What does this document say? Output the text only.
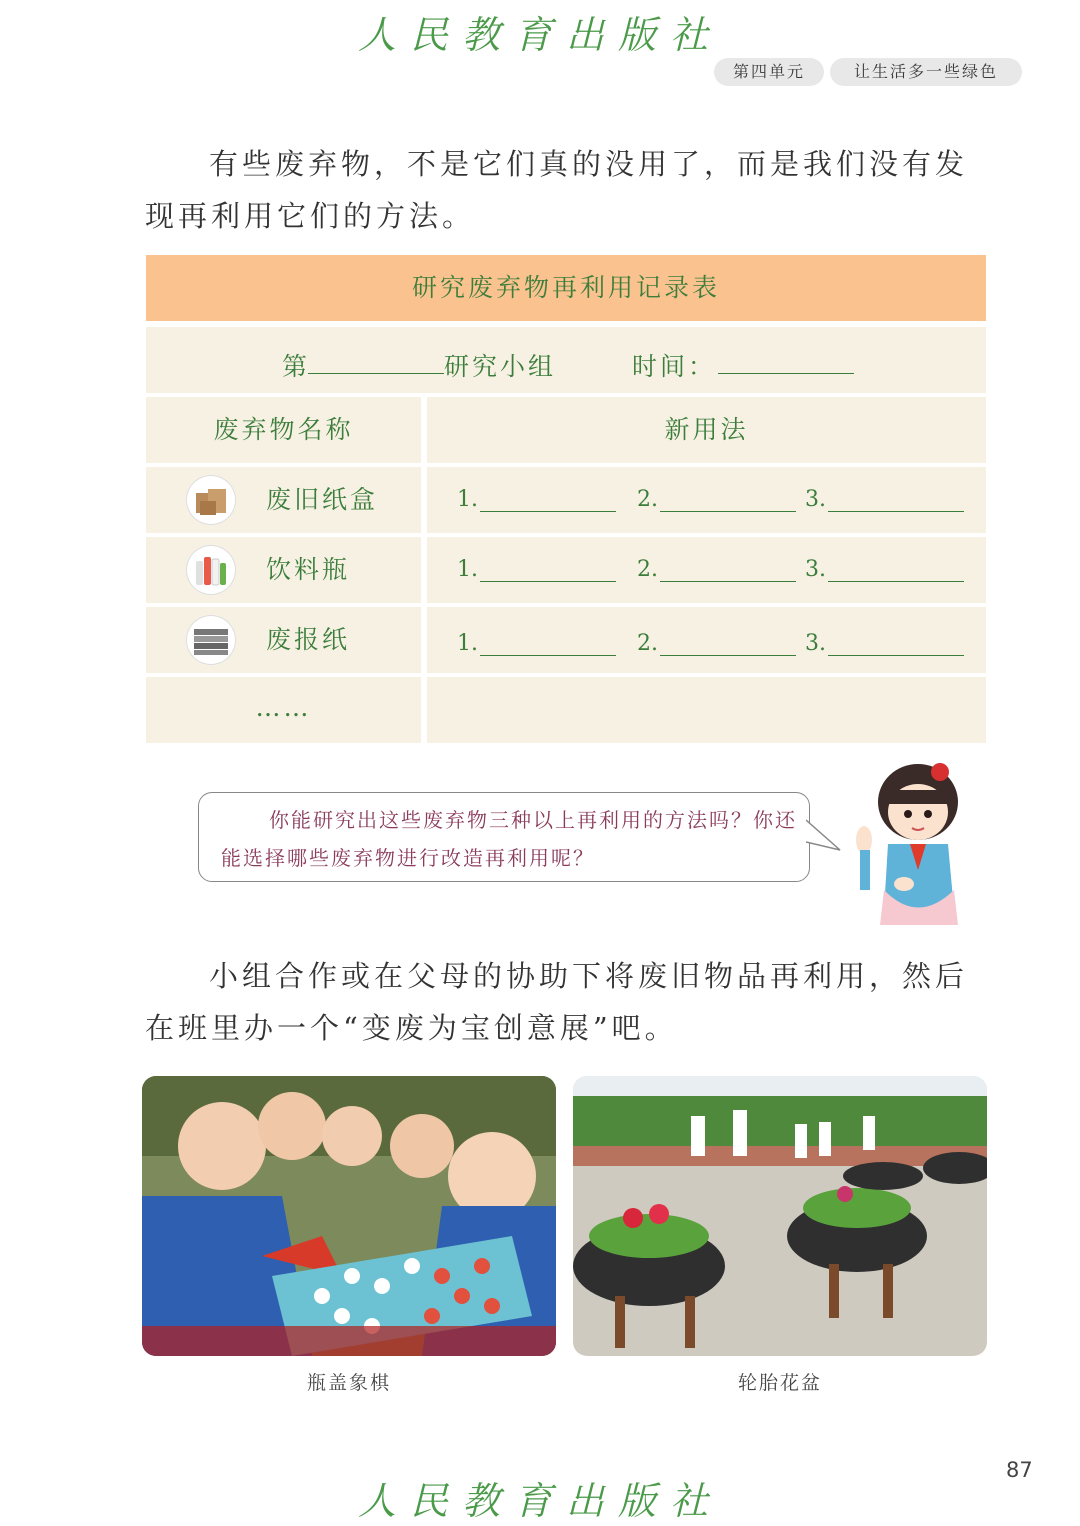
人民教育出版社
第四单元	让生活多一些绿色
有些废弃物，不是它们真的没用了，而是我们没有发现再利用它们的方法。
研究废弃物再利用记录表
第	研究小组	时间：
废弃物名称	新用法
废旧纸盒	1.	2.	3.
饮料瓶	1.	2.	3.
废报纸	1.	2.	3.
……
你能研究出这些废弃物三种以上再利用的方法吗？你还能选择哪些废弃物进行改造再利用呢？
小组合作或在父母的协助下将废旧物品再利用，然后在班里办一个“变废为宝创意展”吧。
瓶盖象棋	轮胎花盆
87
人民教育出版社
